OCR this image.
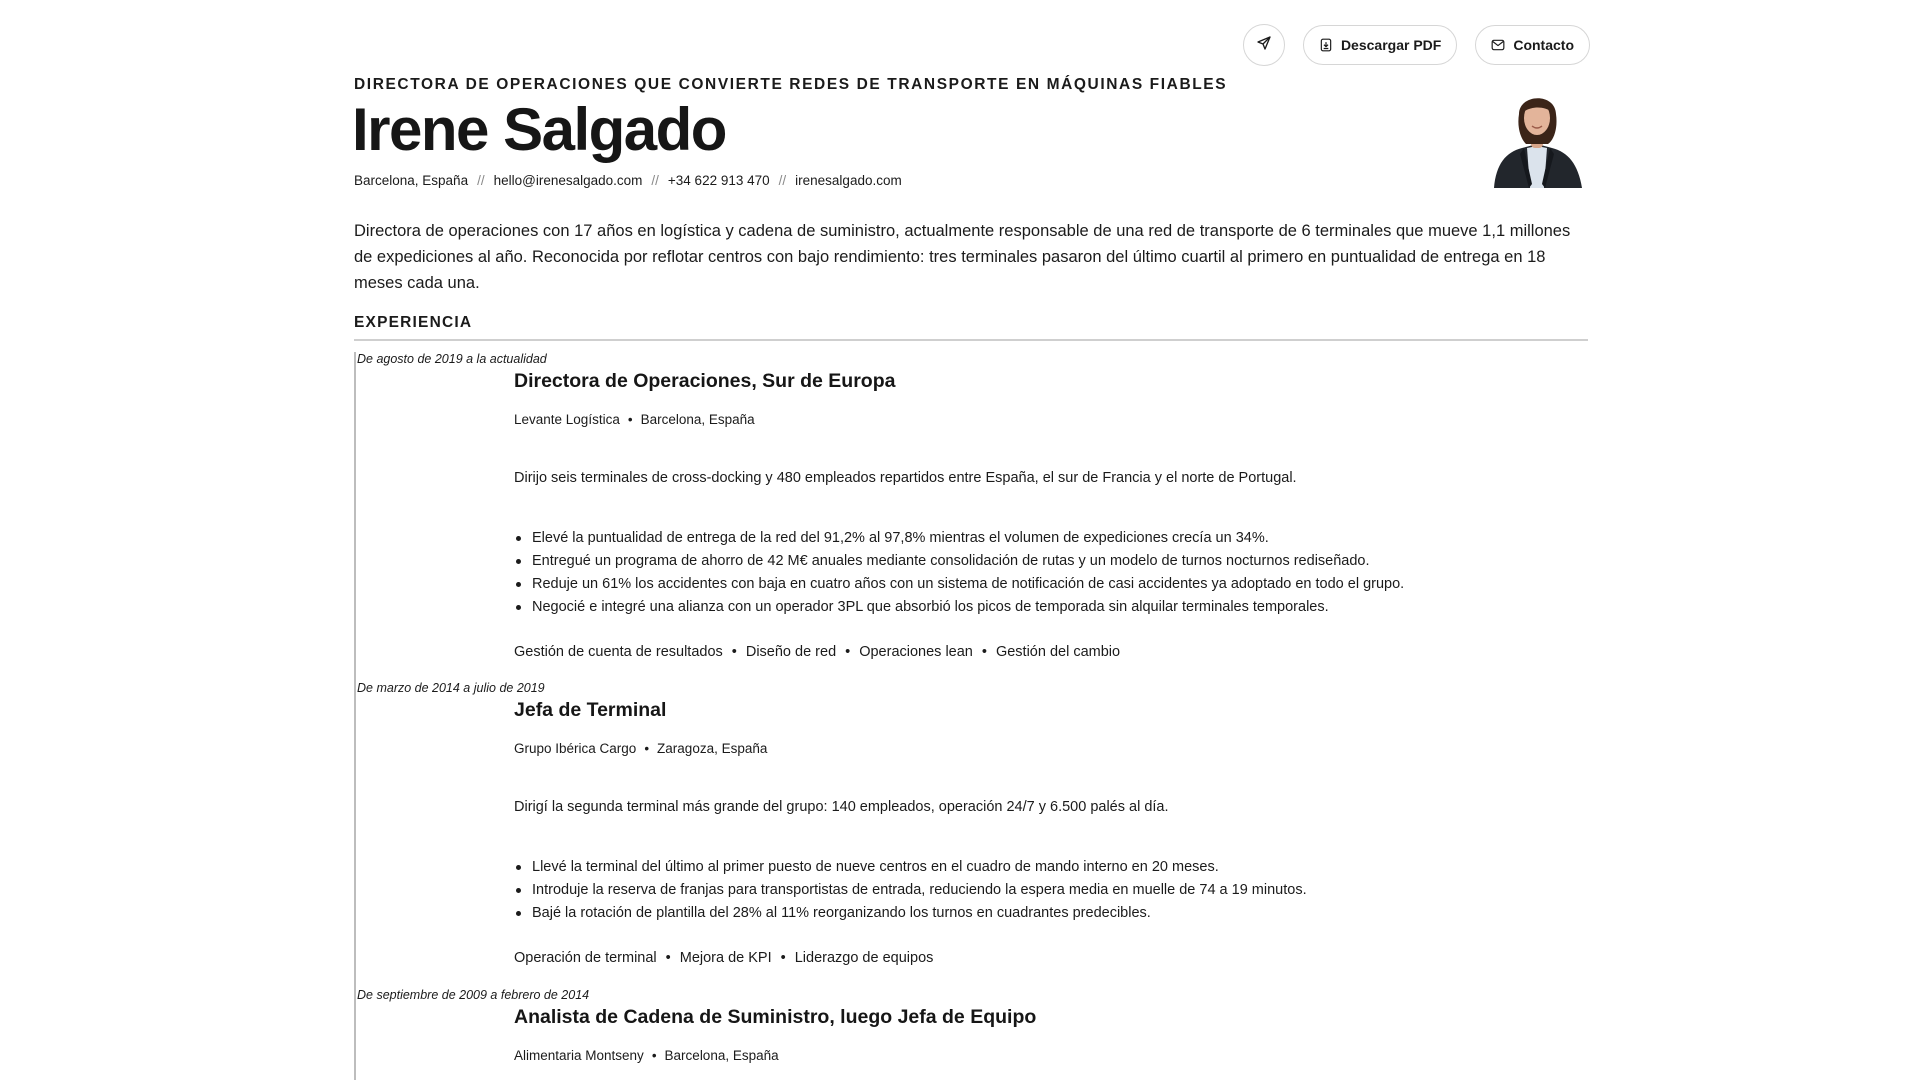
Descargar PDF	Contacto
DIRECTORA DE OPERACIONES QUE CONVIERTE REDES DE TRANSPORTE EN MÁQUINAS FIABLES
Irene Salgado
Barcelona, España // hello@irenesalgado.com // +34 622 913 470 // irenesalgado.com

Directora de operaciones con 17 años en logística y cadena de suministro, actualmente responsable de una red de transporte de 6 terminales que mueve 1,1 millones de expediciones al año. Reconocida por reflotar centros con bajo rendimiento: tres terminales pasaron del último cuartil al primero en puntualidad de entrega en 18 meses cada una.

EXPERIENCIA
De agosto de 2019 a la actualidad
Directora de Operaciones, Sur de Europa
Levante Logística • Barcelona, España
Dirijo seis terminales de cross-docking y 480 empleados repartidos entre España, el sur de Francia y el norte de Portugal.
Elevé la puntualidad de entrega de la red del 91,2% al 97,8% mientras el volumen de expediciones crecía un 34%.
Entregué un programa de ahorro de 42 M€ anuales mediante consolidación de rutas y un modelo de turnos nocturnos rediseñado.
Reduje un 61% los accidentes con baja en cuatro años con un sistema de notificación de casi accidentes ya adoptado en todo el grupo.
Negocié e integré una alianza con un operador 3PL que absorbió los picos de temporada sin alquilar terminales temporales.
Gestión de cuenta de resultados • Diseño de red • Operaciones lean • Gestión del cambio
De marzo de 2014 a julio de 2019
Jefa de Terminal
Grupo Ibérica Cargo • Zaragoza, España
Dirigí la segunda terminal más grande del grupo: 140 empleados, operación 24/7 y 6.500 palés al día.
Llevé la terminal del último al primer puesto de nueve centros en el cuadro de mando interno en 20 meses.
Introduje la reserva de franjas para transportistas de entrada, reduciendo la espera media en muelle de 74 a 19 minutos.
Bajé la rotación de plantilla del 28% al 11% reorganizando los turnos en cuadrantes predecibles.
Operación de terminal • Mejora de KPI • Liderazgo de equipos
De septiembre de 2009 a febrero de 2014
Analista de Cadena de Suministro, luego Jefa de Equipo
Alimentaria Montseny • Barcelona, España
